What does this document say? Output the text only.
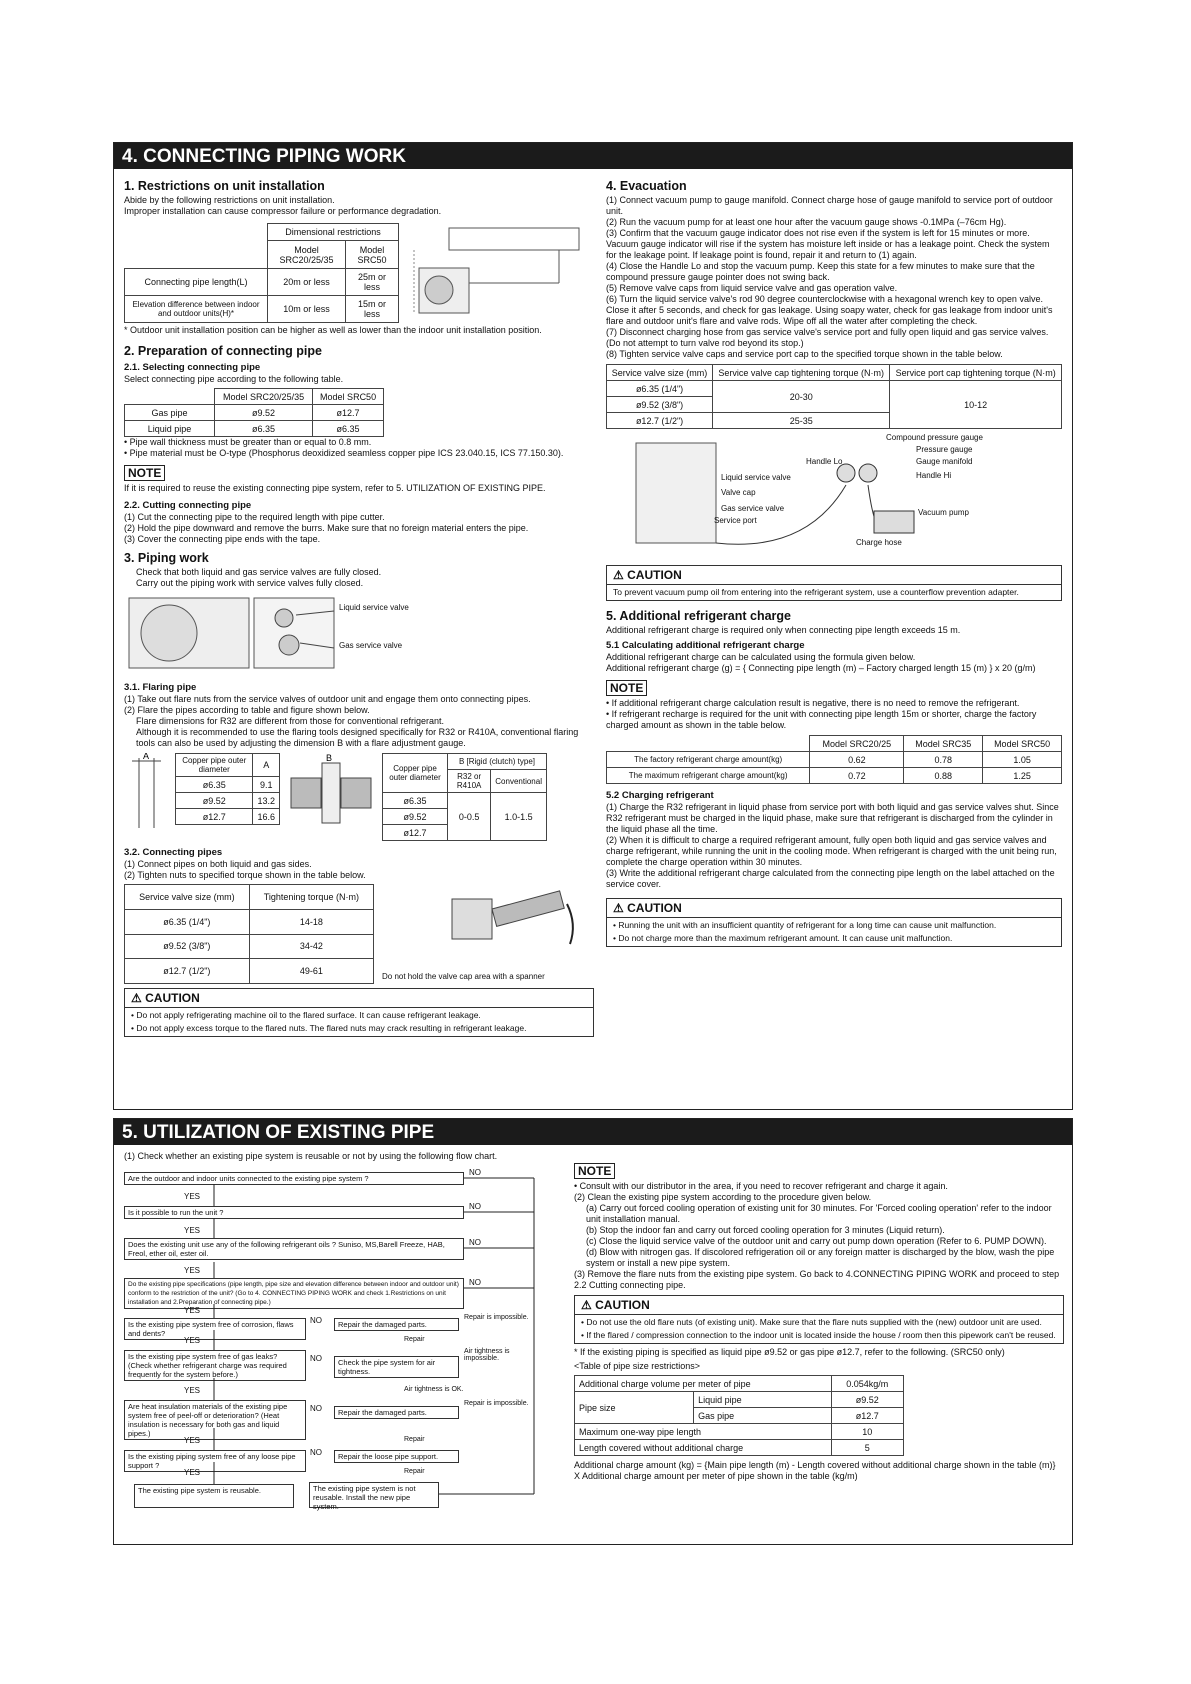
4. CONNECTING PIPING WORK
1. Restrictions on unit installation
Abide by the following restrictions on unit installation.
Improper installation can cause compressor failure or performance degradation.
	Dimensional restrictions	
	Model SRC20/25/35	Model SRC50
Connecting pipe length(L)	20m or less	25m or less
Elevation difference between indoor and outdoor units(H)*	10m or less	15m or less
* Outdoor unit installation position can be higher as well as lower than the indoor unit installation position.
2. Preparation of connecting pipe
2.1. Selecting connecting pipe
Select connecting pipe according to the following table.
	Model SRC20/25/35	Model SRC50
Gas pipe	ø9.52	ø12.7
Liquid pipe	ø6.35	ø6.35
• Pipe wall thickness must be greater than or equal to 0.8 mm.
• Pipe material must be O-type (Phosphorus deoxidized seamless copper pipe ICS 23.040.15, ICS 77.150.30).
NOTE
If it is required to reuse the existing connecting pipe system, refer to 5. UTILIZATION OF EXISTING PIPE.
2.2. Cutting connecting pipe
(1) Cut the connecting pipe to the required length with pipe cutter.
(2) Hold the pipe downward and remove the burrs. Make sure that no foreign material enters the pipe.
(3) Cover the connecting pipe ends with the tape.
3. Piping work
Check that both liquid and gas service valves are fully closed.
Carry out the piping work with service valves fully closed.
Liquid service valve
Gas service valve
3.1. Flaring pipe
(1) Take out flare nuts from the service valves of outdoor unit and engage them onto connecting pipes.
(2) Flare the pipes according to table and figure shown below.
Flare dimensions for R32 are different from those for conventional refrigerant.
Although it is recommended to use the flaring tools designed specifically for R32 or R410A, conventional flaring tools can also be used by adjusting the dimension B with a flare adjustment gauge.
A	Copper pipe outer diameter	A
ø6.35	9.1
ø9.52	13.2
ø12.7	16.6
B
Copper pipe outer diameter	B [Rigid (clutch) type]	
	R32 or R410A	Conventional
ø6.35	0-0.5	1.0-1.5
ø9.52		
ø12.7		
3.2. Connecting pipes
(1) Connect pipes on both liquid and gas sides.
(2) Tighten nuts to specified torque shown in the table below.
Service valve size (mm)	Tightening torque (N·m)
ø6.35 (1/4")	14-18
ø9.52 (3/8")	34-42
ø12.7 (1/2")	49-61
Do not hold the valve cap area with a spanner
⚠ CAUTION
• Do not apply refrigerating machine oil to the flared surface. It can cause refrigerant leakage.
• Do not apply excess torque to the flared nuts. The flared nuts may crack resulting in refrigerant leakage.
4. Evacuation
(1) Connect vacuum pump to gauge manifold. Connect charge hose of gauge manifold to service port of outdoor unit.
(2) Run the vacuum pump for at least one hour after the vacuum gauge shows -0.1MPa (–76cm Hg).
(3) Confirm that the vacuum gauge indicator does not rise even if the system is left for 15 minutes or more. Vacuum gauge indicator will rise if the system has moisture left inside or has a leakage point. Check the system for the leakage point. If leakage point is found, repair it and return to (1) again.
(4) Close the Handle Lo and stop the vacuum pump. Keep this state for a few minutes to make sure that the compound pressure gauge pointer does not swing back.
(5) Remove valve caps from liquid service valve and gas operation valve.
(6) Turn the liquid service valve's rod 90 degree counterclockwise with a hexagonal wrench key to open valve. Close it after 5 seconds, and check for gas leakage. Using soapy water, check for gas leakage from indoor unit's flare and outdoor unit's flare and valve rods. Wipe off all the water after completing the check.
(7) Disconnect charging hose from gas service valve's service port and fully open liquid and gas service valves. (Do not attempt to turn valve rod beyond its stop.)
(8) Tighten service valve caps and service port cap to the specified torque shown in the table below.
Service valve size (mm)	Service valve cap tightening torque (N·m)	Service port cap tightening torque (N·m)
ø6.35 (1/4")	20-30	10-12
ø9.52 (3/8")		
ø12.7 (1/2")	25-35	
Compound pressure gauge
Pressure gauge
Gauge manifold
Handle Lo
Handle Hi
Liquid service valve
Valve cap
Gas service valve
Service port
Vacuum pump
Charge hose
⚠ CAUTION
To prevent vacuum pump oil from entering into the refrigerant system, use a counterflow prevention adapter.
5. Additional refrigerant charge
Additional refrigerant charge is required only when connecting pipe length exceeds 15 m.
5.1 Calculating additional refrigerant charge
Additional refrigerant charge can be calculated using the formula given below.
Additional refrigerant charge (g) = { Connecting pipe length (m) – Factory charged length 15 (m) } x 20 (g/m)
NOTE
• If additional refrigerant charge calculation result is negative, there is no need to remove the refrigerant.
• If refrigerant recharge is required for the unit with connecting pipe length 15m or shorter, charge the factory charged amount as shown in the table below.
	Model SRC20/25	Model SRC35	Model SRC50
The factory refrigerant charge amount(kg)	0.62	0.78	1.05
The maximum refrigerant charge amount(kg)	0.72	0.88	1.25
5.2 Charging refrigerant
(1) Charge the R32 refrigerant in liquid phase from service port with both liquid and gas service valves shut. Since R32 refrigerant must be charged in the liquid phase, make sure that refrigerant is discharged from the cylinder in the liquid phase all the time.
(2) When it is difficult to charge a required refrigerant amount, fully open both liquid and gas service valves and charge refrigerant, while running the unit in the cooling mode. When refrigerant is charged with the unit being run, complete the charge operation within 30 minutes.
(3) Write the additional refrigerant charge calculated from the connecting pipe length on the label attached on the service cover.
⚠ CAUTION
• Running the unit with an insufficient quantity of refrigerant for a long time can cause unit malfunction.
• Do not charge more than the maximum refrigerant amount. It can cause unit malfunction.
5. UTILIZATION OF EXISTING PIPE
(1) Check whether an existing pipe system is reusable or not by using the following flow chart.
Are the outdoor and indoor units connected to the existing pipe system ?
YES
Is it possible to run the unit ?
YES
Does the existing unit use any of the following refrigerant oils ? Suniso, MS,Barell Freeze, HAB, Freol, ether oil, ester oil.
YES
Do the existing pipe specifications (pipe length, pipe size and elevation difference between indoor and outdoor unit) conform to the restriction of the unit? (Go to 4. CONNECTING PIPING WORK and check 1.Restrictions on unit installation and 2.Preparation of connecting pipe.)
YES
Is the existing pipe system free of corrosion, flaws and dents?
NO	Repair the damaged parts.
Repair is impossible.
YES	Repair
Is the existing pipe system free of gas leaks? (Check whether refrigerant charge was required frequently for the system before.)
NO	Check the pipe system for air tightness.
Air tightness is impossible.
YES	Air tightness is OK.
Are heat insulation materials of the existing pipe system free of peel-off or deterioration? (Heat insulation is necessary for both gas and liquid pipes.)
NO	Repair the damaged parts.
Repair is impossible.
YES	Repair
Is the existing piping system free of any loose pipe support ?
NO	Repair the loose pipe support.
YES	Repair
The existing pipe system is reusable.	The existing pipe system is not reusable. Install the new pipe system.
NO
NO
NO
NO
NOTE
• Consult with our distributor in the area, if you need to recover refrigerant and charge it again.
(2) Clean the existing pipe system according to the procedure given below.
(a) Carry out forced cooling operation of existing unit for 30 minutes. For 'Forced cooling operation' refer to the indoor unit installation manual.
(b) Stop the indoor fan and carry out forced cooling operation for 3 minutes (Liquid return).
(c) Close the liquid service valve of the outdoor unit and carry out pump down operation (Refer to 6. PUMP DOWN).
(d) Blow with nitrogen gas. If discolored refrigeration oil or any foreign matter is discharged by the blow, wash the pipe system or install a new pipe system.
(3) Remove the flare nuts from the existing pipe system. Go back to 4.CONNECTING PIPING WORK and proceed to step 2.2 Cutting connecting pipe.
⚠ CAUTION
• Do not use the old flare nuts (of existing unit). Make sure that the flare nuts supplied with the (new) outdoor unit are used.
• If the flared / compression connection to the indoor unit is located inside the house / room then this pipework can't be reused.
* If the existing piping is specified as liquid pipe ø9.52 or gas pipe ø12.7, refer to the following. (SRC50 only)
<Table of pipe size restrictions>
Additional charge volume per meter of pipe		0.054kg/m
Pipe size	Liquid pipe	ø9.52
	Gas pipe	ø12.7
Maximum one-way pipe length		10
Length covered without additional charge		5
Additional charge amount (kg) = {Main pipe length (m) - Length covered without additional charge shown in the table (m)} X Additional charge amount per meter of pipe shown in the table (kg/m)
